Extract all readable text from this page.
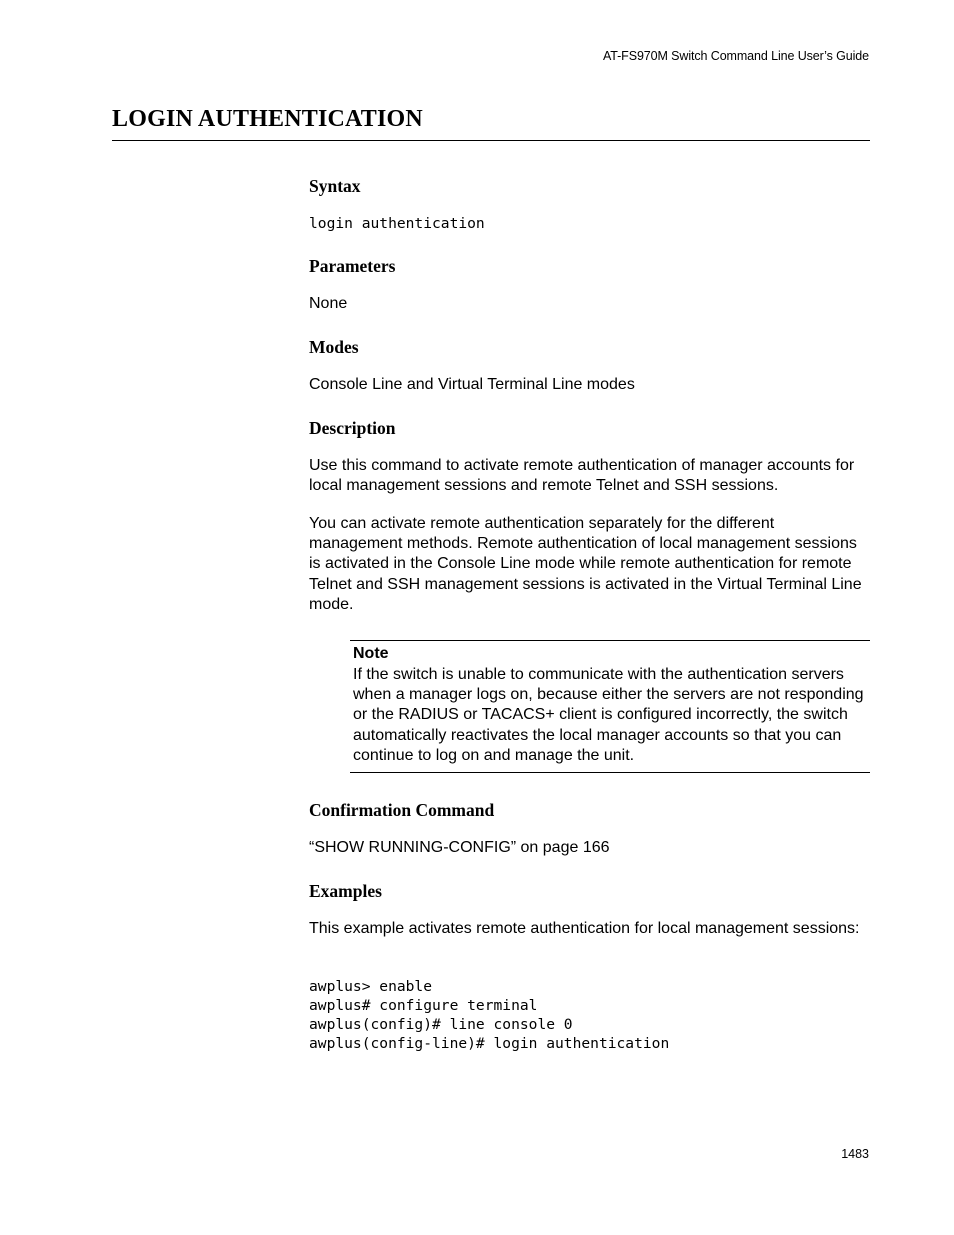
AT-FS970M Switch Command Line User’s Guide
LOGIN AUTHENTICATION
Syntax
login authentication
Parameters

None

Modes

Console Line and Virtual Terminal Line modes

Description

Use this command to activate remote authentication of manager accounts for local management sessions and remote Telnet and SSH sessions.

You can activate remote authentication separately for the different management methods. Remote authentication of local management sessions is activated in the Console Line mode while remote authentication for remote Telnet and SSH management sessions is activated in the Virtual Terminal Line mode.

Note

If the switch is unable to communicate with the authentication servers when a manager logs on, because either the servers are not responding or the RADIUS or TACACS+ client is configured incorrectly, the switch automatically reactivates the local manager accounts so that you can continue to log on and manage the unit.

Confirmation Command

“SHOW RUNNING-CONFIG” on page 166

Examples

This example activates remote authentication for local management sessions:

awplus> enable
awplus# configure terminal
awplus(config)# line console 0
awplus(config-line)# login authentication
1483
